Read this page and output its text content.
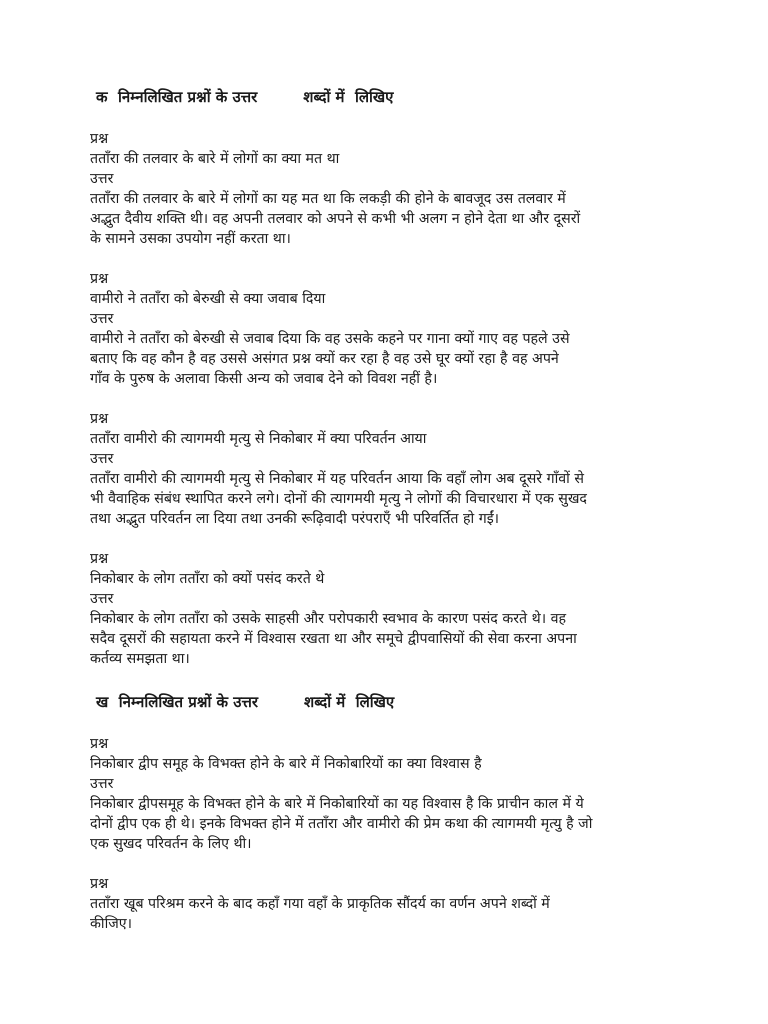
क निम्नलिखित प्रश्नों के उत्तर	शब्दों में  लिखिए
प्रश्न
तताँरा की तलवार के बारे में लोगों का क्या मत था
उत्तर
तताँरा की तलवार के बारे में लोगों का यह मत था कि लकड़ी की होने के बावजूद उस तलवार में
अद्भुत दैवीय शक्ति थी। वह अपनी तलवार को अपने से कभी भी अलग न होने देता था और दूसरों
के सामने उसका उपयोग नहीं करता था।
प्रश्न
वामीरो ने तताँरा को बेरुखी से क्या जवाब दिया
उत्तर
वामीरो ने तताँरा को बेरुखी से जवाब दिया कि वह उसके कहने पर गाना क्यों गाए वह पहले उसे
बताए कि वह कौन है वह उससे असंगत प्रश्न क्यों कर रहा है वह उसे घूर क्यों रहा है वह अपने
गाँव के पुरुष के अलावा किसी अन्य को जवाब देने को विवश नहीं है।
प्रश्न
तताँरा वामीरो की त्यागमयी मृत्यु से निकोबार में क्या परिवर्तन आया
उत्तर
तताँरा वामीरो की त्यागमयी मृत्यु से निकोबार में यह परिवर्तन आया कि वहाँ लोग अब दूसरे गाँवों से
भी वैवाहिक संबंध स्थापित करने लगे। दोनों की त्यागमयी मृत्यु ने लोगों की विचारधारा में एक सुखद
तथा अद्भुत परिवर्तन ला दिया तथा उनकी रूढ़िवादी परंपराएँ भी परिवर्तित हो गईं।
प्रश्न
निकोबार के लोग तताँरा को क्यों पसंद करते थे
उत्तर
निकोबार के लोग तताँरा को उसके साहसी और परोपकारी स्वभाव के कारण पसंद करते थे। वह
सदैव दूसरों की सहायता करने में विश्वास रखता था और समूचे द्वीपवासियों की सेवा करना अपना
कर्तव्य समझता था।
ख निम्नलिखित प्रश्नों के उत्तर	शब्दों में  लिखिए
प्रश्न
निकोबार द्वीप समूह के विभक्त होने के बारे में निकोबारियों का क्या विश्वास है
उत्तर
निकोबार द्वीपसमूह के विभक्त होने के बारे में निकोबारियों का यह विश्वास है कि प्राचीन काल में ये
दोनों द्वीप एक ही थे। इनके विभक्त होने में तताँरा और वामीरो की प्रेम कथा की त्यागमयी मृत्यु है जो
एक सुखद परिवर्तन के लिए थी।
प्रश्न
तताँरा खूब परिश्रम करने के बाद कहाँ गया वहाँ के प्राकृतिक सौंदर्य का वर्णन अपने शब्दों में
कीजिए।
